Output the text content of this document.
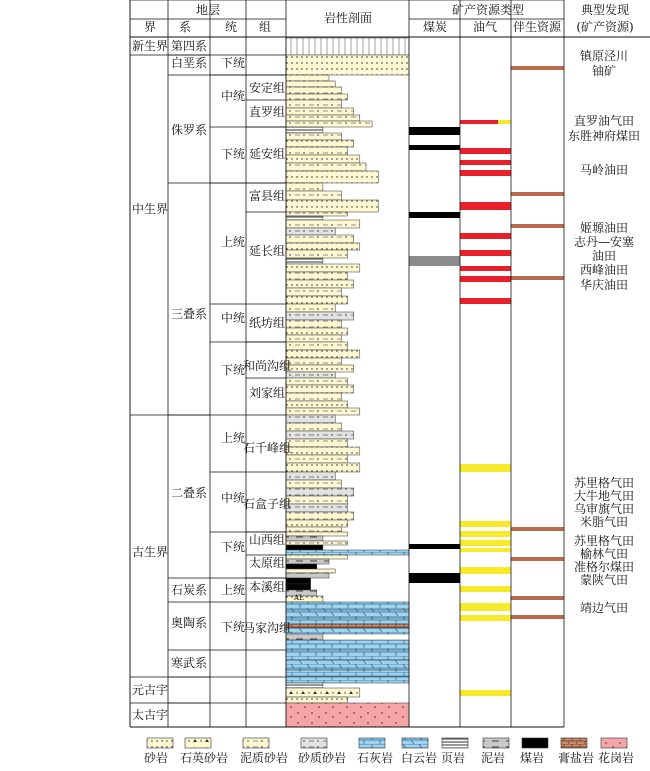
地层
界 系	统 组
岩性剖面
矿产资源类型
煤炭 油气 伴生资源
典型发现
(矿产资源)
新生界
中生界
古生界
元古宇
太古宇
第四系
白垩系
侏罗系
三叠系
二叠系
石炭系
奥陶系
寒武系
下统
中统
下统
上统
中统
下统
上统
中统
下统
上统
下统
安定组
直罗组
延安组
富县组
延长组
纸坊组
和尚沟组
刘家组
石千峰组
石盒子组
山西组
太原组
本溪组
马家沟组
AL
镇原泾川
铀矿
直罗油气田
东胜神府煤田
马岭油田
姬塬油田
志丹—安塞
油田
西峰油田
华庆油田
苏里格气田
大牛地气田
乌审旗气田
米脂气田
苏里格气田
榆林气田
准格尔煤田
蒙陕气田
靖边气田
砂岩 石英砂岩 泥质砂岩 砂质砂岩 石灰岩 白云岩 页岩 泥岩 煤岩 膏盐岩 花岗岩
